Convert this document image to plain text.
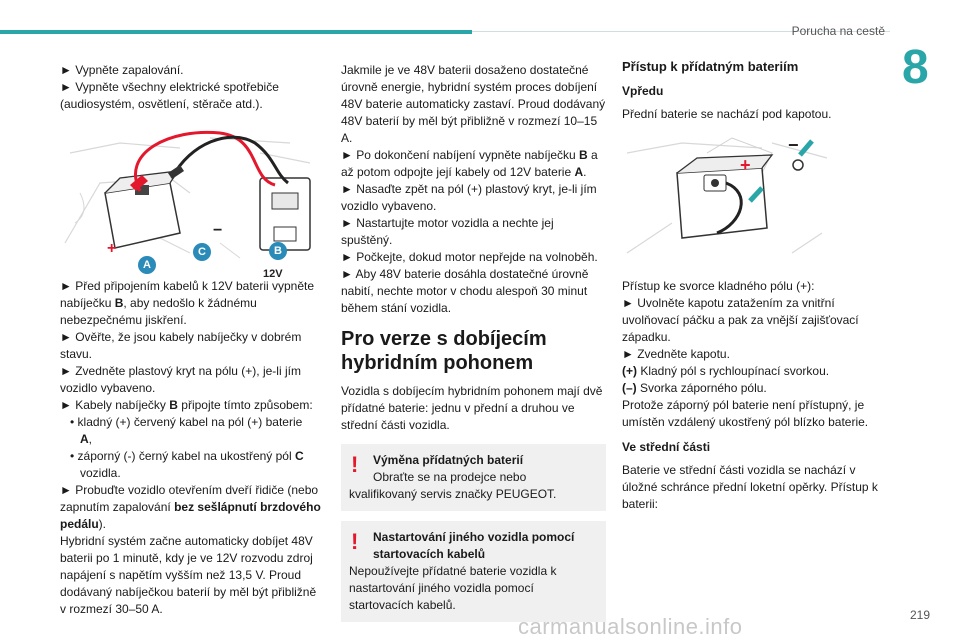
Porucha na cestě
8

► Vypněte zapalování.

► Vypněte všechny elektrické spotřebiče (audiosystém, osvětlení, stěrače atd.).

+
−
A
C	B
12V

► Před připojením kabelů k 12V baterii vypněte nabíječku B, aby nedošlo k žádnému nebezpečnému jiskření.

► Ověřte, že jsou kabely nabíječky v dobrém stavu.

► Zvedněte plastový kryt na pólu (+), je-li jím vozidlo vybaveno.

► Kabely nabíječky B připojte tímto způsobem:

• kladný (+) červený kabel na pól (+) baterie

A,

• záporný (-) černý kabel na ukostřený pól C

vozidla.

► Probuďte vozidlo otevřením dveří řidiče (nebo zapnutím zapalování bez sešlápnutí brzdového pedálu).

Hybridní systém začne automaticky dobíjet 48V baterii po 1 minutě, kdy je ve 12V rozvodu zdroj napájení s napětím vyšším než 13,5 V. Proud dodávaný nabíječkou baterií by měl být přibližně v rozmezí 30–50 A.

Jakmile je ve 48V baterii dosaženo dostatečné úrovně energie, hybridní systém proces dobíjení 48V baterie automaticky zastaví. Proud dodávaný 48V baterií by měl být přibližně v rozmezí 10–15 A.

► Po dokončení nabíjení vypněte nabíječku B a až potom odpojte její kabely od 12V baterie A.

► Nasaďte zpět na pól (+) plastový kryt, je-li jím vozidlo vybaveno.

► Nastartujte motor vozidla a nechte jej spuštěný.

► Počkejte, dokud motor nepřejde na volnoběh.

► Aby 48V baterie dosáhla dostatečné úrovně nabití, nechte motor v chodu alespoň 30 minut během stání vozidla.

Pro verze s dobíjecím hybridním pohonem

Vozidla s dobíjecím hybridním pohonem mají dvě přídatné baterie: jednu v přední a druhou ve střední části vozidla.

!	Výměna přídatných baterií
Obraťte se na prodejce nebo
kvalifikovaný servis značky PEUGEOT.
!	Nastartování jiného vozidla pomocí startovacích kabelů
Nepoužívejte přídatné baterie vozidla k nastartování jiného vozidla pomocí startovacích kabelů.
Přístup k přídatným bateriím
Vpředu

Přední baterie se nachází pod kapotou.

+
−

Přístup ke svorce kladného pólu (+):

► Uvolněte kapotu zatažením za vnitřní uvolňovací páčku a pak za vnější zajišťovací západku.

► Zvedněte kapotu.

(+) Kladný pól s rychloupínací svorkou.

(–) Svorka záporného pólu.

Protože záporný pól baterie není přístupný, je umístěn vzdálený ukostřený pól blízko baterie.

Ve střední části

Baterie ve střední části vozidla se nachází v úložné schránce přední loketní opěrky. Přístup k baterii:

219
carmanualsonline.info
